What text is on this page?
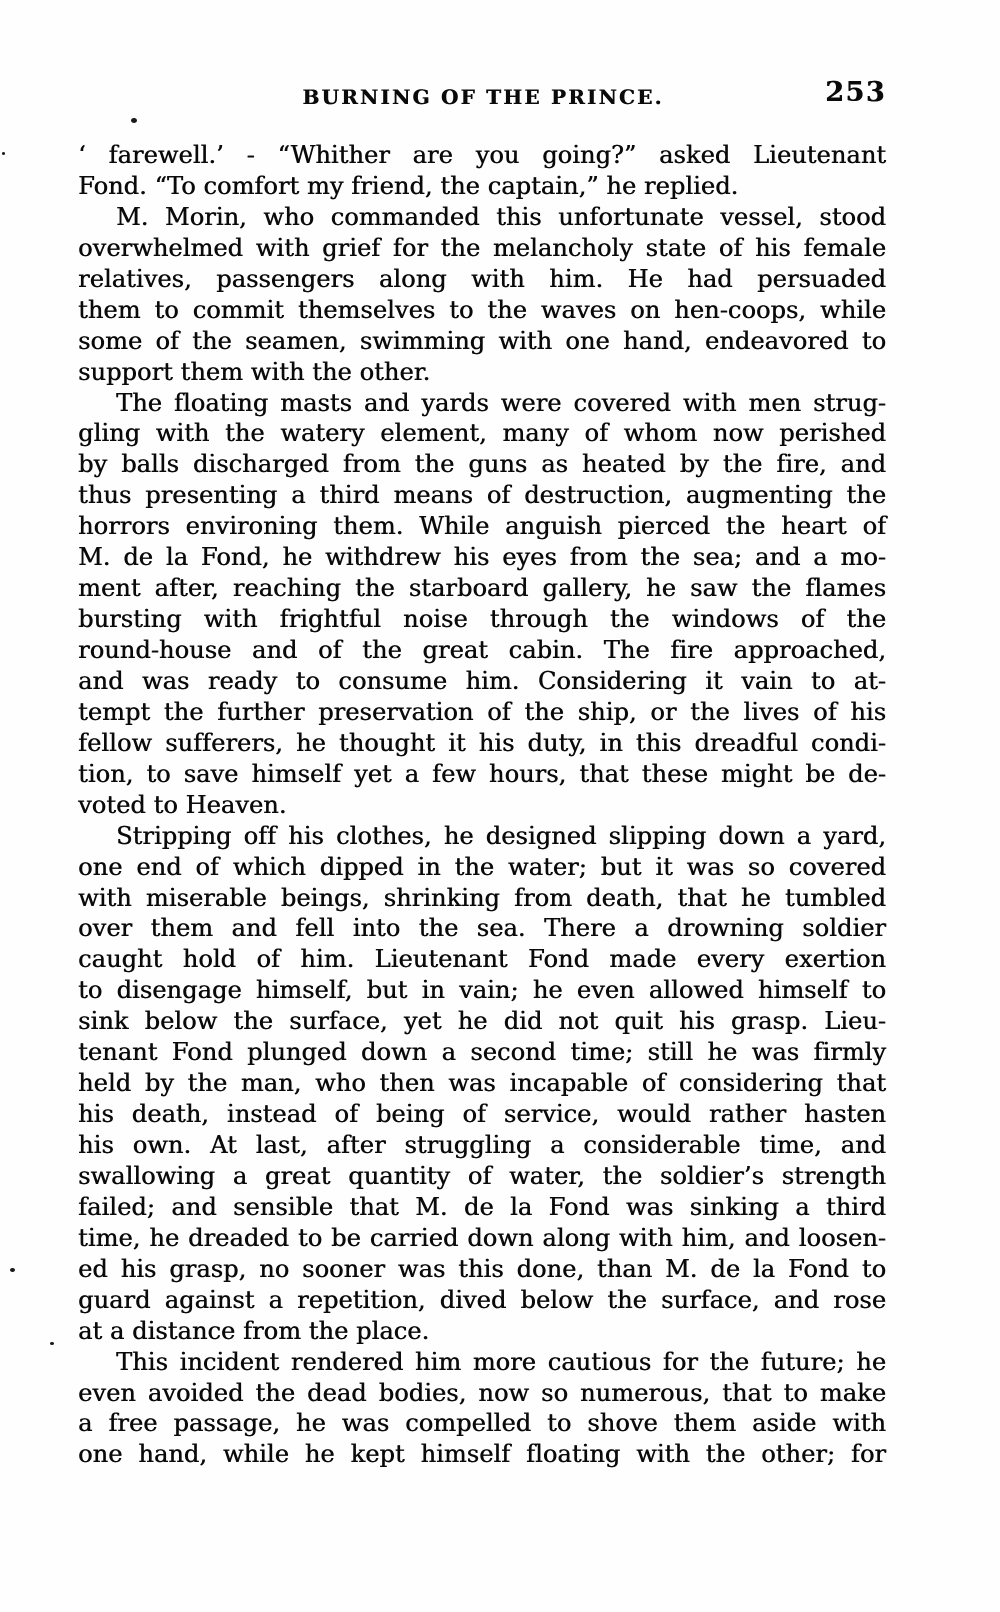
BURNING OF THE PRINCE.	253
‘ farewell.’ - “Whither are you going?” asked Lieutenant
Fond. “To comfort my friend, the captain,” he replied.
M. Morin, who commanded this unfortunate vessel, stood
overwhelmed with grief for the melancholy state of his female
relatives, passengers along with him. He had persuaded
them to commit themselves to the waves on hen-coops, while
some of the seamen, swimming with one hand, endeavored to
support them with the other.
The floating masts and yards were covered with men strug-
gling with the watery element, many of whom now perished
by balls discharged from the guns as heated by the fire, and
thus presenting a third means of destruction, augmenting the
horrors environing them. While anguish pierced the heart of
M. de la Fond, he withdrew his eyes from the sea; and a mo-
ment after, reaching the starboard gallery, he saw the flames
bursting with frightful noise through the windows of the
round-house and of the great cabin. The fire approached,
and was ready to consume him. Considering it vain to at-
tempt the further preservation of the ship, or the lives of his
fellow sufferers, he thought it his duty, in this dreadful condi-
tion, to save himself yet a few hours, that these might be de-
voted to Heaven.
Stripping off his clothes, he designed slipping down a yard,
one end of which dipped in the water; but it was so covered
with miserable beings, shrinking from death, that he tumbled
over them and fell into the sea. There a drowning soldier
caught hold of him. Lieutenant Fond made every exertion
to disengage himself, but in vain; he even allowed himself to
sink below the surface, yet he did not quit his grasp. Lieu-
tenant Fond plunged down a second time; still he was firmly
held by the man, who then was incapable of considering that
his death, instead of being of service, would rather hasten
his own. At last, after struggling a considerable time, and
swallowing a great quantity of water, the soldier’s strength
failed; and sensible that M. de la Fond was sinking a third
time, he dreaded to be carried down along with him, and loosen-
ed his grasp, no sooner was this done, than M. de la Fond to
guard against a repetition, dived below the surface, and rose
at a distance from the place.
This incident rendered him more cautious for the future; he
even avoided the dead bodies, now so numerous, that to make
a free passage, he was compelled to shove them aside with
one hand, while he kept himself floating with the other; for
